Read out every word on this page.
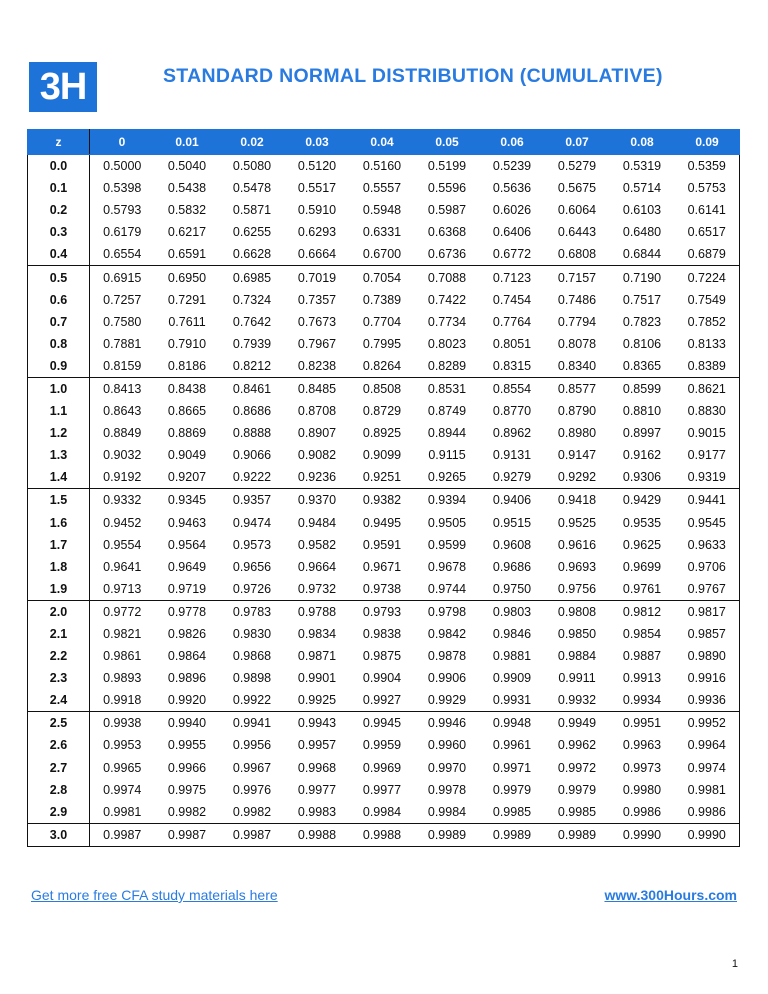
3H	STANDARD NORMAL DISTRIBUTION (CUMULATIVE)
z	0	0.01	0.02	0.03	0.04	0.05	0.06	0.07	0.08	0.09
0.0	0.5000	0.5040	0.5080	0.5120	0.5160	0.5199	0.5239	0.5279	0.5319	0.5359
0.1	0.5398	0.5438	0.5478	0.5517	0.5557	0.5596	0.5636	0.5675	0.5714	0.5753
0.2	0.5793	0.5832	0.5871	0.5910	0.5948	0.5987	0.6026	0.6064	0.6103	0.6141
0.3	0.6179	0.6217	0.6255	0.6293	0.6331	0.6368	0.6406	0.6443	0.6480	0.6517
0.4	0.6554	0.6591	0.6628	0.6664	0.6700	0.6736	0.6772	0.6808	0.6844	0.6879
0.5	0.6915	0.6950	0.6985	0.7019	0.7054	0.7088	0.7123	0.7157	0.7190	0.7224
0.6	0.7257	0.7291	0.7324	0.7357	0.7389	0.7422	0.7454	0.7486	0.7517	0.7549
0.7	0.7580	0.7611	0.7642	0.7673	0.7704	0.7734	0.7764	0.7794	0.7823	0.7852
0.8	0.7881	0.7910	0.7939	0.7967	0.7995	0.8023	0.8051	0.8078	0.8106	0.8133
0.9	0.8159	0.8186	0.8212	0.8238	0.8264	0.8289	0.8315	0.8340	0.8365	0.8389
1.0	0.8413	0.8438	0.8461	0.8485	0.8508	0.8531	0.8554	0.8577	0.8599	0.8621
1.1	0.8643	0.8665	0.8686	0.8708	0.8729	0.8749	0.8770	0.8790	0.8810	0.8830
1.2	0.8849	0.8869	0.8888	0.8907	0.8925	0.8944	0.8962	0.8980	0.8997	0.9015
1.3	0.9032	0.9049	0.9066	0.9082	0.9099	0.9115	0.9131	0.9147	0.9162	0.9177
1.4	0.9192	0.9207	0.9222	0.9236	0.9251	0.9265	0.9279	0.9292	0.9306	0.9319
1.5	0.9332	0.9345	0.9357	0.9370	0.9382	0.9394	0.9406	0.9418	0.9429	0.9441
1.6	0.9452	0.9463	0.9474	0.9484	0.9495	0.9505	0.9515	0.9525	0.9535	0.9545
1.7	0.9554	0.9564	0.9573	0.9582	0.9591	0.9599	0.9608	0.9616	0.9625	0.9633
1.8	0.9641	0.9649	0.9656	0.9664	0.9671	0.9678	0.9686	0.9693	0.9699	0.9706
1.9	0.9713	0.9719	0.9726	0.9732	0.9738	0.9744	0.9750	0.9756	0.9761	0.9767
2.0	0.9772	0.9778	0.9783	0.9788	0.9793	0.9798	0.9803	0.9808	0.9812	0.9817
2.1	0.9821	0.9826	0.9830	0.9834	0.9838	0.9842	0.9846	0.9850	0.9854	0.9857
2.2	0.9861	0.9864	0.9868	0.9871	0.9875	0.9878	0.9881	0.9884	0.9887	0.9890
2.3	0.9893	0.9896	0.9898	0.9901	0.9904	0.9906	0.9909	0.9911	0.9913	0.9916
2.4	0.9918	0.9920	0.9922	0.9925	0.9927	0.9929	0.9931	0.9932	0.9934	0.9936
2.5	0.9938	0.9940	0.9941	0.9943	0.9945	0.9946	0.9948	0.9949	0.9951	0.9952
2.6	0.9953	0.9955	0.9956	0.9957	0.9959	0.9960	0.9961	0.9962	0.9963	0.9964
2.7	0.9965	0.9966	0.9967	0.9968	0.9969	0.9970	0.9971	0.9972	0.9973	0.9974
2.8	0.9974	0.9975	0.9976	0.9977	0.9977	0.9978	0.9979	0.9979	0.9980	0.9981
2.9	0.9981	0.9982	0.9982	0.9983	0.9984	0.9984	0.9985	0.9985	0.9986	0.9986
3.0	0.9987	0.9987	0.9987	0.9988	0.9988	0.9989	0.9989	0.9989	0.9990	0.9990
Get more free CFA study materials here	www.300Hours.com
1
